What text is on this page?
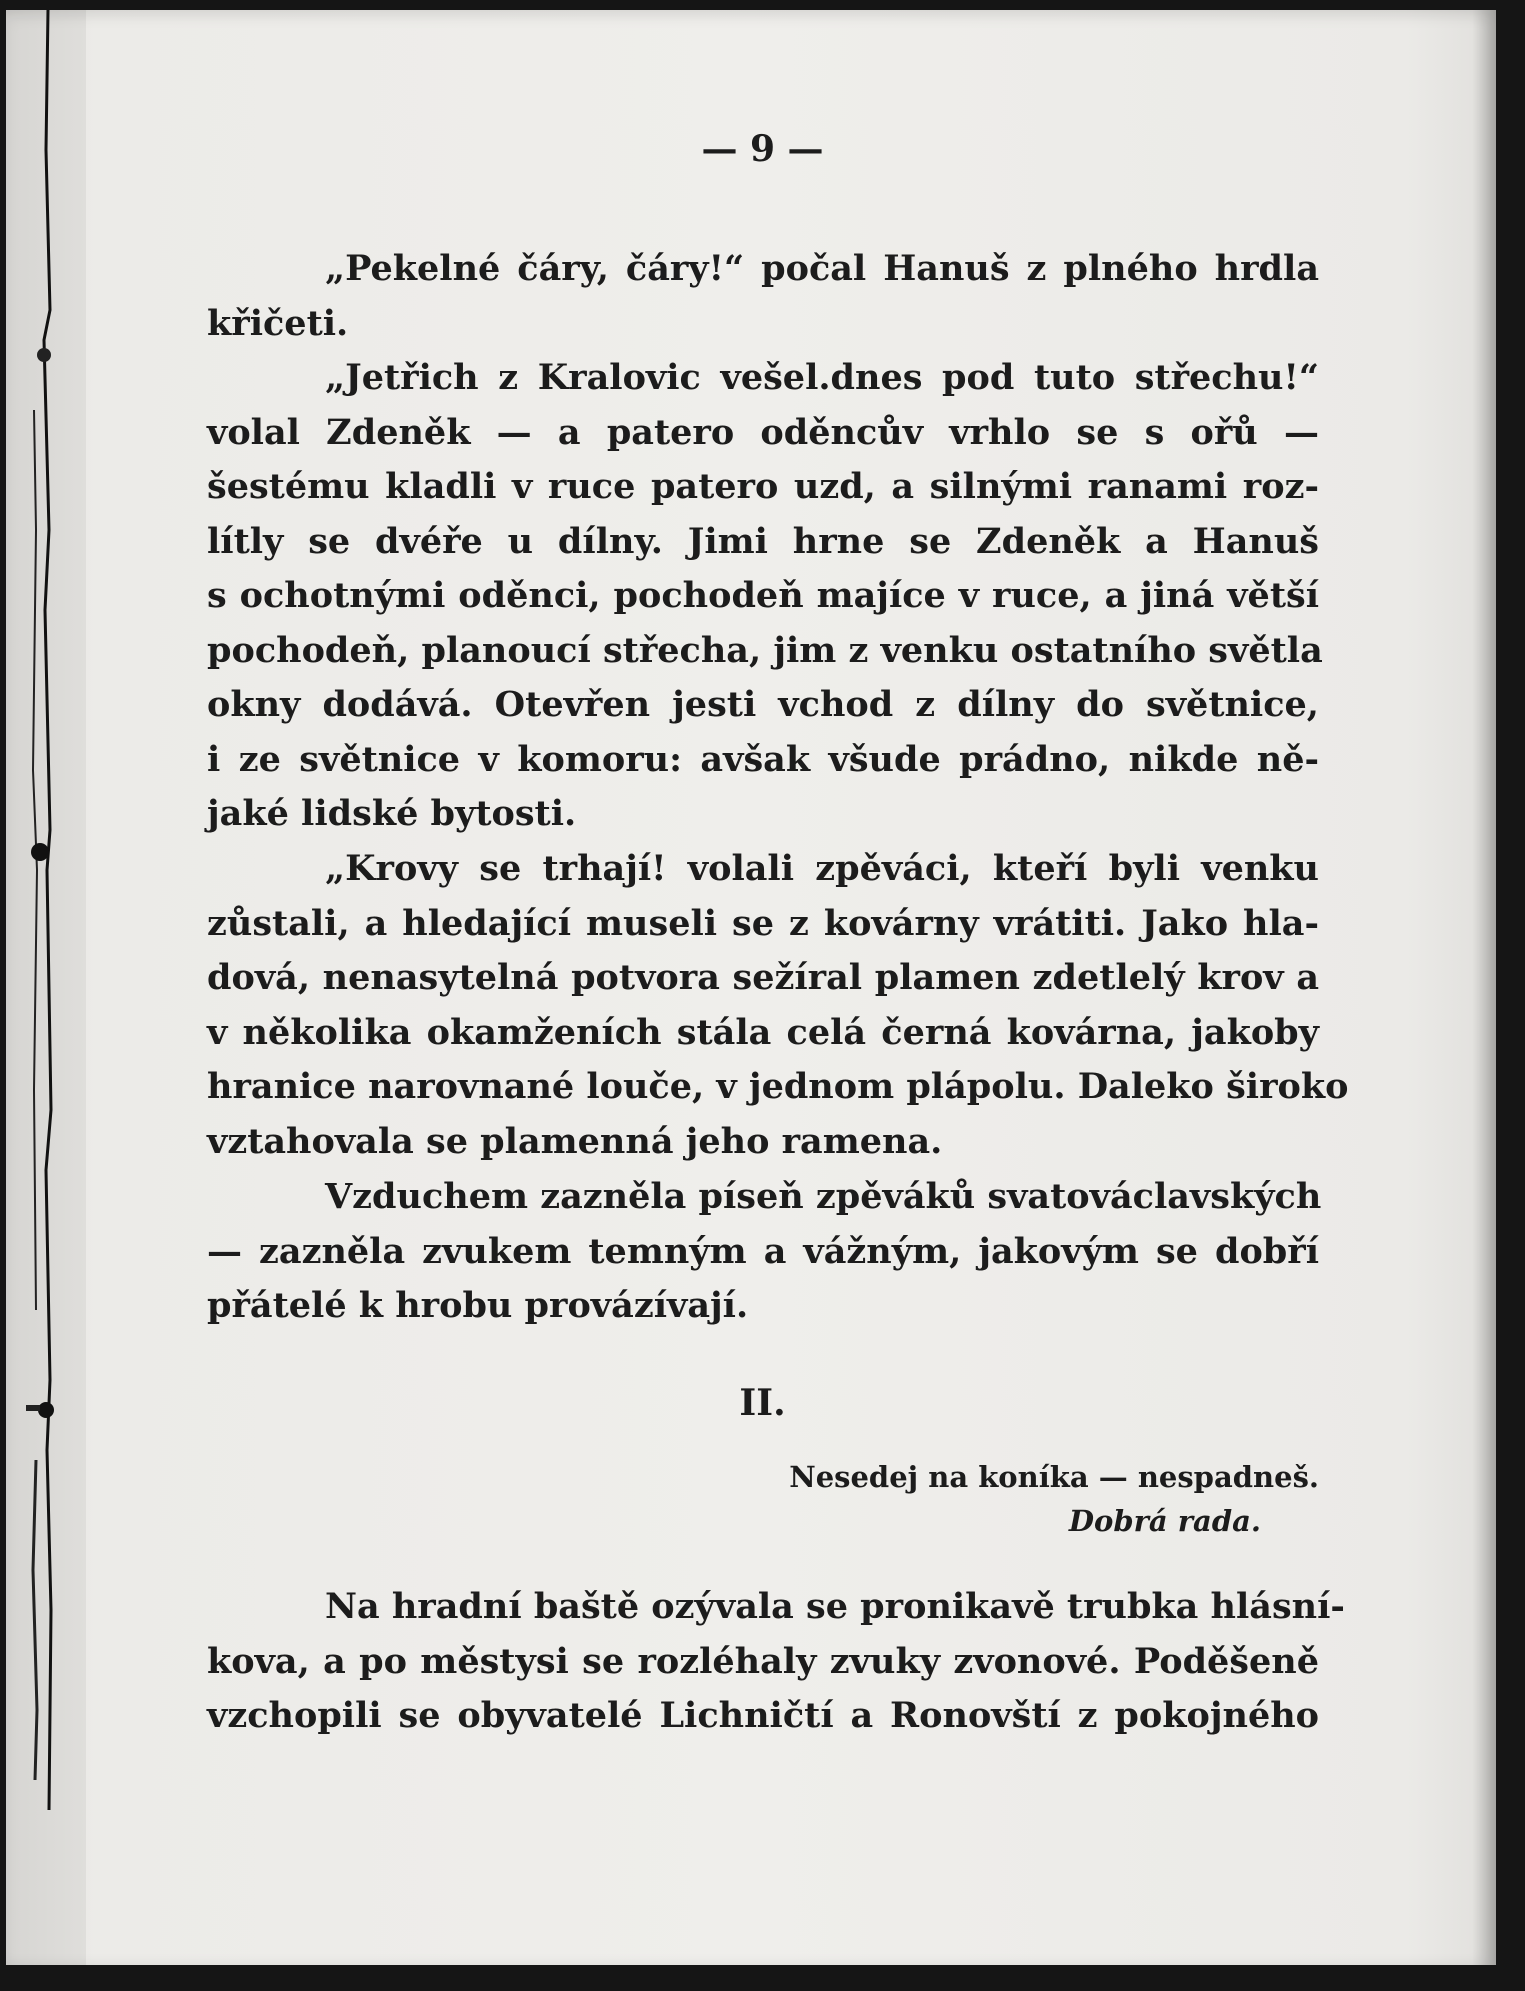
— 9 —
„Pekelné čáry, čáry!“ počal Hanuš z plného hrdla
křičeti.
„Jetřich z Kralovic vešel.dnes pod tuto střechu!“
volal Zdeněk — a patero oděncův vrhlo se s ořů —
šestému kladli v ruce patero uzd, a silnými ranami roz-
lítly se dvéře u dílny. Jimi hrne se Zdeněk a Hanuš
s ochotnými oděnci, pochodeň majíce v ruce, a jiná větší
pochodeň, planoucí střecha, jim z venku ostatního světla
okny dodává. Otevřen jesti vchod z dílny do světnice,
i ze světnice v komoru: avšak všude prádno, nikde ně-
jaké lidské bytosti.
„Krovy se trhají! volali zpěváci, kteří byli venku
zůstali, a hledající museli se z kovárny vrátiti. Jako hla-
dová, nenasytelná potvora sežíral plamen zdetlelý krov a
v několika okamženích stála celá černá kovárna, jakoby
hranice narovnané louče, v jednom plápolu. Daleko široko
vztahovala se plamenná jeho ramena.
Vzduchem zazněla píseň zpěváků svatováclavských
— zazněla zvukem temným a vážným, jakovým se dobří
přátelé k hrobu provázívají.
II.
Nesedej na koníka — nespadneš.
Dobrá rada.
Na hradní baště ozývala se pronikavě trubka hlásní-
kova, a po městysi se rozléhaly zvuky zvonové. Poděšeně
vzchopili se obyvatelé Lichničtí a Ronovští z pokojného
